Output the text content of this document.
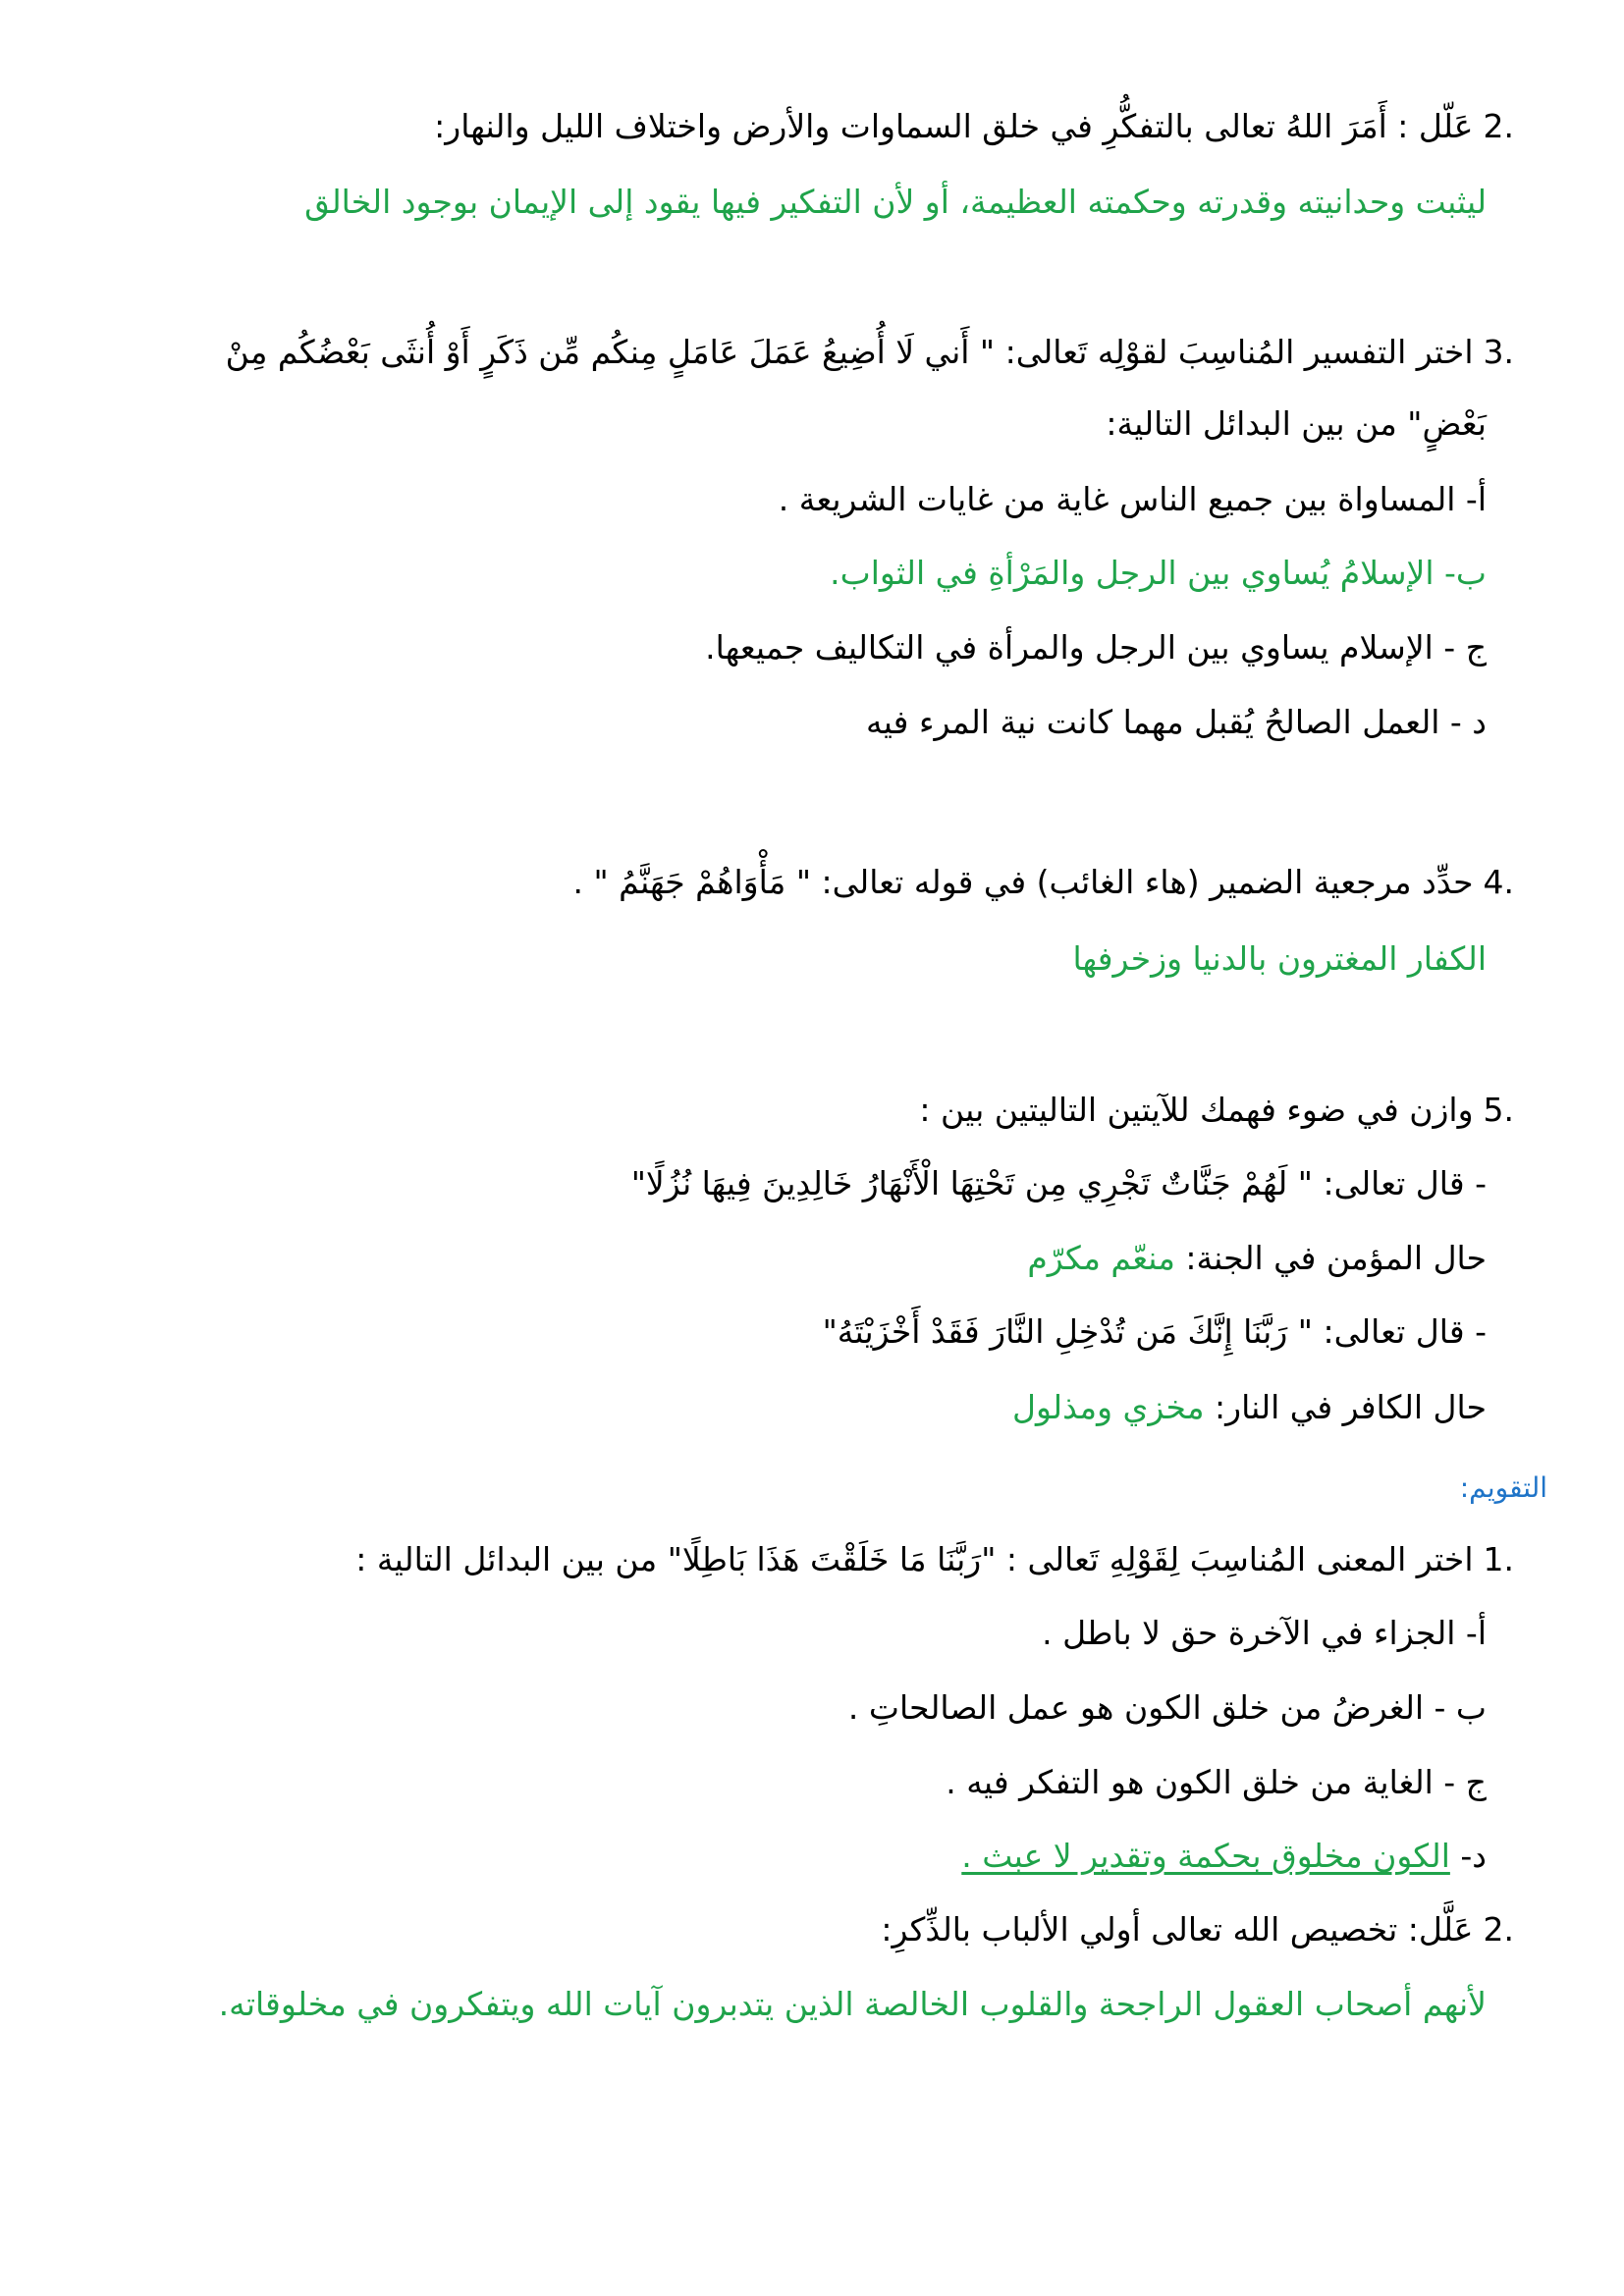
2.عَلّل : أَمَرَ اللهُ تعالى بالتفكُّرِ في خلق السماوات والأرض واختلاف الليل والنهار:
ليثبت وحدانيته وقدرته وحكمته العظيمة، أو لأن التفكير فيها يقود إلى الإيمان بوجود الخالق
3.اختر التفسير المُناسِبَ لقوْلِه تَعالى: " أَني لَا أُضِيعُ عَمَلَ عَامَلٍ مِنكُم مِّن ذَكَرٍ أَوْ أُنثَى بَعْضُكُم مِنْ
بَعْضٍ" من بين البدائل التالية:
أ- المساواة بين جميع الناس غاية من غايات الشريعة .
ب- الإسلامُ يُساوي بين الرجل والمَرْأةِ في الثواب.
ج - الإسلام يساوي بين الرجل والمرأة في التكاليف جميعها.
د - العمل الصالحُ يُقبل مهما كانت نية المرء فيه
4.حدِّد مرجعية الضمير (هاء الغائب) في قوله تعالى: " مَأْوَاهُمْ جَهَنَّمُ " .
الكفار المغترون بالدنيا وزخرفها
5.وازن في ضوء فهمك للآيتين التاليتين بين :
- قال تعالى: " لَهُمْ جَنَّاتٌ تَجْرِي مِن تَحْتِهَا الْأَنْهَارُ خَالِدِينَ فِيهَا نُزُلًا"
حال المؤمن في الجنة: منعّم مكرّم
- قال تعالى: " رَبَّنَا إِنَّكَ مَن تُدْخِلِ النَّارَ فَقَدْ أَخْزَيْتَهُ"
حال الكافر في النار: مخزي ومذلول
التقويم:
1.اختر المعنى المُناسِبَ لِقَوْلِهِ تَعالى : "رَبَّنَا مَا خَلَقْتَ هَذَا بَاطِلًا" من بين البدائل التالية :
أ- الجزاء في الآخرة حق لا باطل .
ب - الغرضُ من خلق الكون هو عمل الصالحاتِ .
ج - الغاية من خلق الكون هو التفكر فيه .
د- الكون مخلوق بحكمة وتقدير لا عبث .
2.عَلَّل: تخصيص الله تعالى أولي الألباب بالذِّكرِ:
لأنهم أصحاب العقول الراجحة والقلوب الخالصة الذين يتدبرون آيات الله ويتفكرون في مخلوقاته.
